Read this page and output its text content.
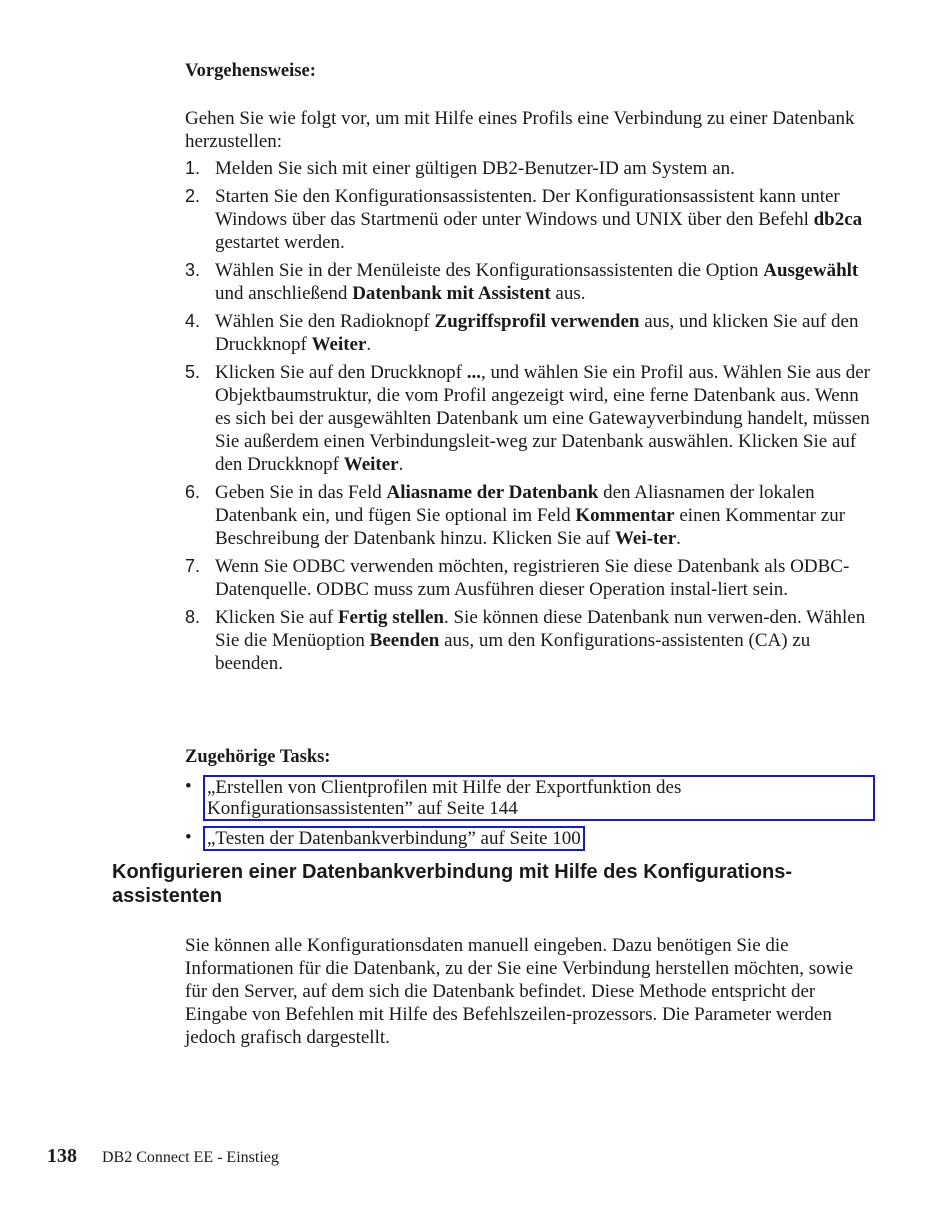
Vorgehensweise:

Gehen Sie wie folgt vor, um mit Hilfe eines Profils eine Verbindung zu einer Datenbank herzustellen:

1. Melden Sie sich mit einer gültigen DB2-Benutzer-ID am System an.
2. Starten Sie den Konfigurationsassistenten. Der Konfigurationsassistent kann unter Windows über das Startmenü oder unter Windows und UNIX über den Befehl db2ca gestartet werden.
3. Wählen Sie in der Menüleiste des Konfigurationsassistenten die Option Ausgewählt und anschließend Datenbank mit Assistent aus.
4. Wählen Sie den Radioknopf Zugriffsprofil verwenden aus, und klicken Sie auf den Druckknopf Weiter.
5. Klicken Sie auf den Druckknopf ..., und wählen Sie ein Profil aus. Wählen Sie aus der Objektbaumstruktur, die vom Profil angezeigt wird, eine ferne Datenbank aus. Wenn es sich bei der ausgewählten Datenbank um eine Gatewayverbindung handelt, müssen Sie außerdem einen Verbindungsleit-weg zur Datenbank auswählen. Klicken Sie auf den Druckknopf Weiter.
6. Geben Sie in das Feld Aliasname der Datenbank den Aliasnamen der lokalen Datenbank ein, und fügen Sie optional im Feld Kommentar einen Kommentar zur Beschreibung der Datenbank hinzu. Klicken Sie auf Wei-ter.
7. Wenn Sie ODBC verwenden möchten, registrieren Sie diese Datenbank als ODBC-Datenquelle. ODBC muss zum Ausführen dieser Operation instal-liert sein.
8. Klicken Sie auf Fertig stellen. Sie können diese Datenbank nun verwen-den. Wählen Sie die Menüoption Beenden aus, um den Konfigurations-assistenten (CA) zu beenden.

Zugehörige Tasks:

• „Erstellen von Clientprofilen mit Hilfe der Exportfunktion des Konfigurationsassistenten” auf Seite 144
• „Testen der Datenbankverbindung” auf Seite 100
Konfigurieren einer Datenbankverbindung mit Hilfe des Konfigurations-assistenten

Sie können alle Konfigurationsdaten manuell eingeben. Dazu benötigen Sie die Informationen für die Datenbank, zu der Sie eine Verbindung herstellen möchten, sowie für den Server, auf dem sich die Datenbank befindet. Diese Methode entspricht der Eingabe von Befehlen mit Hilfe des Befehlszeilen-prozessors. Die Parameter werden jedoch grafisch dargestellt.

138 DB2 Connect EE - Einstieg
